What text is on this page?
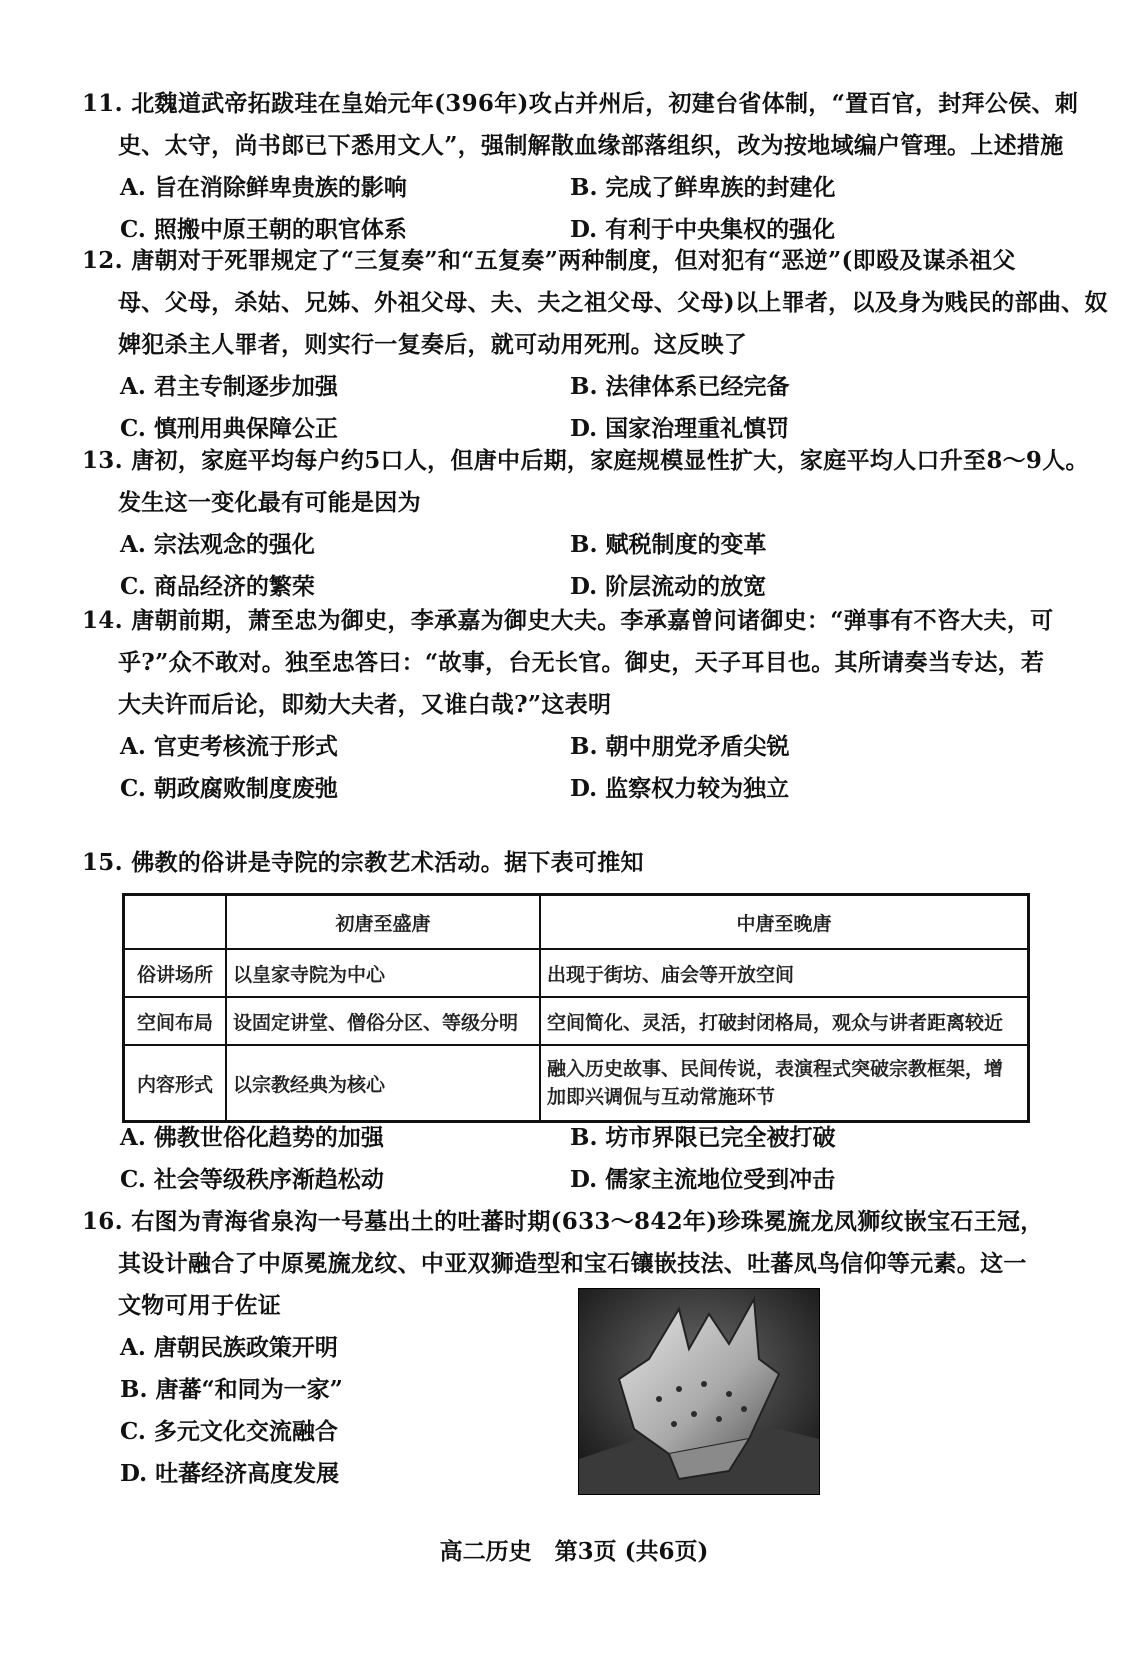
11. 北魏道武帝拓跋珪在皇始元年(396年)攻占并州后，初建台省体制，“置百官，封拜公侯、刺
史、太守，尚书郎已下悉用文人”，强制解散血缘部落组织，改为按地域编户管理。上述措施
A. 旨在消除鲜卑贵族的影响	B. 完成了鲜卑族的封建化
C. 照搬中原王朝的职官体系	D. 有利于中央集权的强化
12. 唐朝对于死罪规定了“三复奏”和“五复奏”两种制度，但对犯有“恶逆”(即殴及谋杀祖父
母、父母，杀姑、兄姊、外祖父母、夫、夫之祖父母、父母)以上罪者，以及身为贱民的部曲、奴
婢犯杀主人罪者，则实行一复奏后，就可动用死刑。这反映了
A. 君主专制逐步加强	B. 法律体系已经完备
C. 慎刑用典保障公正	D. 国家治理重礼慎罚
13. 唐初，家庭平均每户约5口人，但唐中后期，家庭规模显性扩大，家庭平均人口升至8～9人。
发生这一变化最有可能是因为
A. 宗法观念的强化	B. 赋税制度的变革
C. 商品经济的繁荣	D. 阶层流动的放宽
14. 唐朝前期，萧至忠为御史，李承嘉为御史大夫。李承嘉曾问诸御史：“弹事有不咨大夫，可
乎?”众不敢对。独至忠答曰：“故事，台无长官。御史，天子耳目也。其所请奏当专达，若
大夫许而后论，即劾大夫者，又谁白哉?”这表明
A. 官吏考核流于形式	B. 朝中朋党矛盾尖锐
C. 朝政腐败制度废弛	D. 监察权力较为独立
15. 佛教的俗讲是寺院的宗教艺术活动。据下表可推知
	初唐至盛唐	中唐至晚唐
俗讲场所	以皇家寺院为中心	出现于街坊、庙会等开放空间
空间布局	设固定讲堂、僧俗分区、等级分明	空间简化、灵活，打破封闭格局，观众与讲者距离较近
内容形式	以宗教经典为核心	融入历史故事、民间传说，表演程式突破宗教框架，增加即兴调侃与互动常施环节
A. 佛教世俗化趋势的加强	B. 坊市界限已完全被打破
C. 社会等级秩序渐趋松动	D. 儒家主流地位受到冲击
16. 右图为青海省泉沟一号墓出土的吐蕃时期(633～842年)珍珠冕旒龙凤狮纹嵌宝石王冠，
其设计融合了中原冕旒龙纹、中亚双狮造型和宝石镶嵌技法、吐蕃凤鸟信仰等元素。这一
文物可用于佐证
A. 唐朝民族政策开明
B. 唐蕃“和同为一家”
C. 多元文化交流融合
D. 吐蕃经济高度发展
高二历史　第3页 (共6页)
